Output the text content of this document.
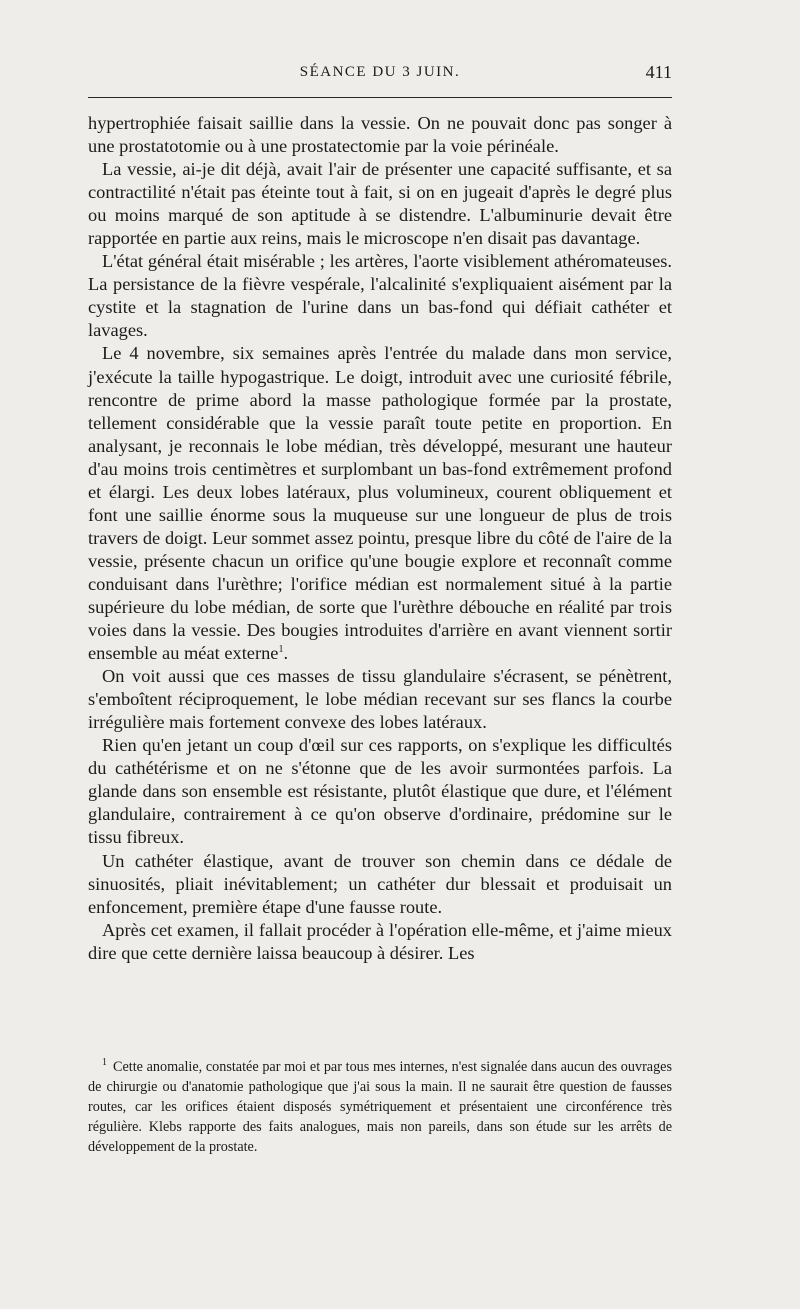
SÉANCE DU 3 JUIN.	411

hypertrophiée faisait saillie dans la vessie. On ne pouvait donc pas songer à une prostatotomie ou à une prostatectomie par la voie périnéale.

La vessie, ai-je dit déjà, avait l'air de présenter une capacité suffisante, et sa contractilité n'était pas éteinte tout à fait, si on en jugeait d'après le degré plus ou moins marqué de son aptitude à se distendre. L'albuminurie devait être rapportée en partie aux reins, mais le microscope n'en disait pas davantage.

L'état général était misérable ; les artères, l'aorte visiblement athéromateuses. La persistance de la fièvre vespérale, l'alcalinité s'expliquaient aisément par la cystite et la stagnation de l'urine dans un bas-fond qui défiait cathéter et lavages.

Le 4 novembre, six semaines après l'entrée du malade dans mon service, j'exécute la taille hypogastrique. Le doigt, introduit avec une curiosité fébrile, rencontre de prime abord la masse pathologique formée par la prostate, tellement considérable que la vessie paraît toute petite en proportion. En analysant, je reconnais le lobe médian, très développé, mesurant une hauteur d'au moins trois centimètres et surplombant un bas-fond extrêmement profond et élargi. Les deux lobes latéraux, plus volumineux, courent obliquement et font une saillie énorme sous la muqueuse sur une longueur de plus de trois travers de doigt. Leur sommet assez pointu, presque libre du côté de l'aire de la vessie, présente chacun un orifice qu'une bougie explore et reconnaît comme conduisant dans l'urèthre; l'orifice médian est normalement situé à la partie supérieure du lobe médian, de sorte que l'urèthre débouche en réalité par trois voies dans la vessie. Des bougies introduites d'arrière en avant viennent sortir ensemble au méat externe$^1$.

On voit aussi que ces masses de tissu glandulaire s'écrasent, se pénètrent, s'emboîtent réciproquement, le lobe médian recevant sur ses flancs la courbe irrégulière mais fortement convexe des lobes latéraux.

Rien qu'en jetant un coup d'œil sur ces rapports, on s'explique les difficultés du cathétérisme et on ne s'étonne que de les avoir surmontées parfois. La glande dans son ensemble est résistante, plutôt élastique que dure, et l'élément glandulaire, contrairement à ce qu'on observe d'ordinaire, prédomine sur le tissu fibreux.

Un cathéter élastique, avant de trouver son chemin dans ce dédale de sinuosités, pliait inévitablement; un cathéter dur blessait et produisait un enfoncement, première étape d'une fausse route.

Après cet examen, il fallait procéder à l'opération elle-même, et j'aime mieux dire que cette dernière laissa beaucoup à désirer. Les

$^1$ Cette anomalie, constatée par moi et par tous mes internes, n'est signalée dans aucun des ouvrages de chirurgie ou d'anatomie pathologique que j'ai sous la main. Il ne saurait être question de fausses routes, car les orifices étaient disposés symétriquement et présentaient une circonférence très régulière. Klebs rapporte des faits analogues, mais non pareils, dans son étude sur les arrêts de développement de la prostate.
